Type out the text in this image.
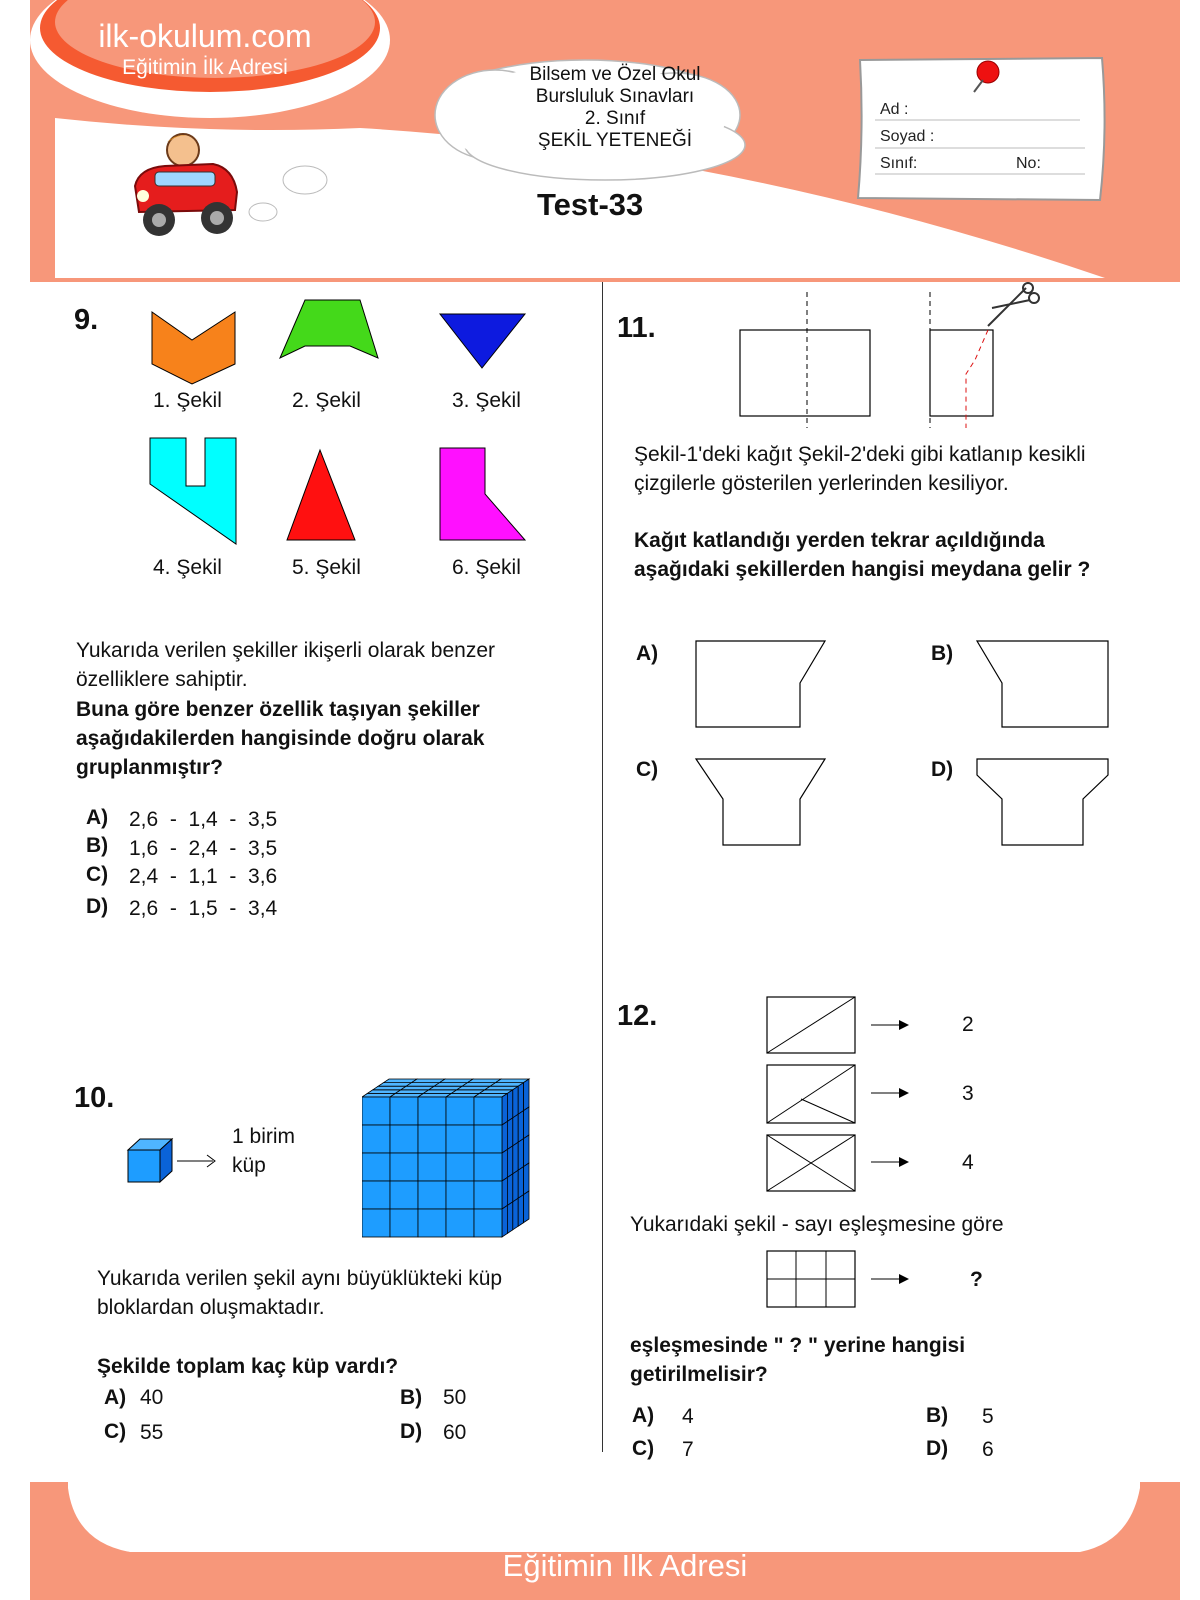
ilk-okulum.com
Eğitimin İlk Adresi	Bilsem ve Özel Okul
Bursluluk Sınavları
2. Sınıf
ŞEKİL YETENEĞİ
Test-33
Ad :
Soyad :
Sınıf:	No:
9.
1. Şekil	2. Şekil	3. Şekil
4. Şekil	5. Şekil	6. Şekil
Yukarıda verilen şekiller ikişerli olarak benzer özelliklere sahiptir.
Buna göre benzer özellik taşıyan şekiller aşağıdakilerden hangisinde doğru olarak gruplanmıştır?
A) 2,6  -  1,4  -  3,5
B) 1,6  -  2,4  -  3,5
C) 2,4  -  1,1  -  3,6
D) 2,6  -  1,5  -  3,4
10.
1 birim
küp
Yukarıda verilen şekil aynı büyüklükteki küp bloklardan oluşmaktadır.
Şekilde toplam kaç küp vardı?
A) 40	B) 50
C) 55	D) 60
11.
Şekil-1'deki kağıt Şekil-2'deki gibi katlanıp kesikli çizgilerle gösterilen yerlerinden kesiliyor.
Kağıt katlandığı yerden tekrar açıldığında aşağıdaki şekillerden hangisi meydana gelir ?
A)	B)
C)	D)
12.	2
3
4
Yukarıdaki şekil - sayı eşleşmesine göre
?
eşleşmesinde " ? " yerine hangisi getirilmelisir?
A) 4	B) 5
C) 7	D) 6
ilk-okulum.com
Eğitimin İlk Adresi
